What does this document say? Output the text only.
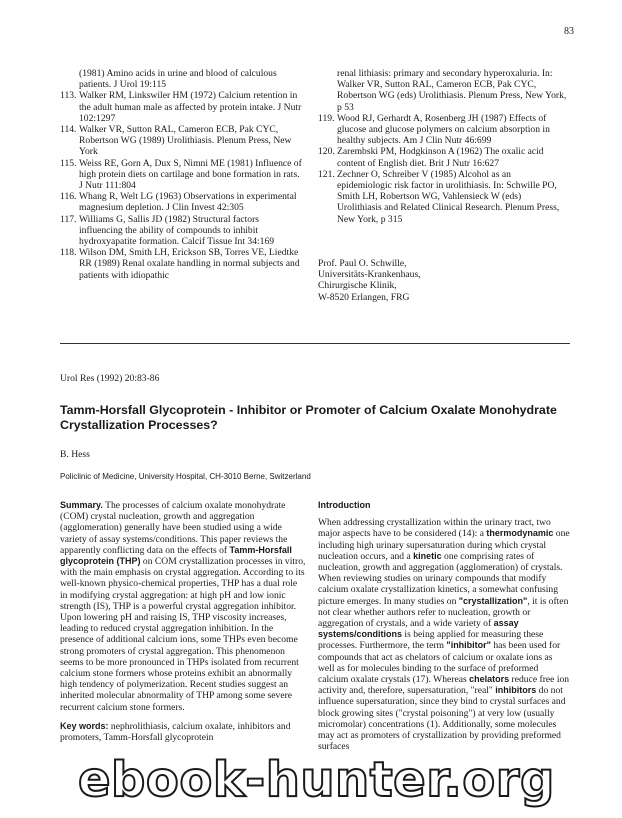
83

(1981) Amino acids in urine and blood of calculous patients. J Urol 19:115

113. Walker RM, Linkswiler HM (1972) Calcium retention in the adult human male as affected by protein intake. J Nutr 102:1297

114. Walker VR, Sutton RAL, Cameron ECB, Pak CYC, Robertson WG (1989) Urolithiasis. Plenum Press, New York

115. Weiss RE, Gorn A, Dux S, Nimni ME (1981) Influence of high protein diets on cartilage and bone formation in rats. J Nutr 111:804

116. Whang R, Welt LG (1963) Observations in experimental magnesium depletion. J Clin Invest 42:305

117. Williams G, Sallis JD (1982) Structural factors influencing the ability of compounds to inhibit hydroxyapatite formation. Calcif Tissue Int 34:169

118. Wilson DM, Smith LH, Erickson SB, Torres VE, Liedtke RR (1989) Renal oxalate handling in normal subjects and patients with idiopathic

renal lithiasis: primary and secondary hyperoxaluria. In: Walker VR, Sutton RAL, Cameron ECB, Pak CYC, Robertson WG (eds) Urolithiasis. Plenum Press, New York, p 53

119. Wood RJ, Gerhardt A, Rosenberg JH (1987) Effects of glucose and glucose polymers on calcium absorption in healthy subjects. Am J Clin Nutr 46:699

120. Zarembski PM, Hodgkinson A (1962) The oxalic acid content of English diet. Brit J Nutr 16:627

121. Zechner O, Schreiber V (1985) Alcohol as an epidemiologic risk factor in urolithiasis. In: Schwille PO, Smith LH, Robertson WG, Vahlensieck W (eds) Urolithiasis and Related Clinical Research. Plenum Press, New York, p 315

Prof. Paul O. Schwille,
Universitäts-Krankenhaus,
Chirurgische Klinik,
W-8520 Erlangen, FRG
Urol Res (1992) 20:83-86
Tamm-Horsfall Glycoprotein - Inhibitor or Promoter of Calcium Oxalate Monohydrate Crystallization Processes?
B. Hess
Policlinic of Medicine, University Hospital, CH-3010 Berne, Switzerland
Summary. The processes of calcium oxalate monohydrate (COM) crystal nucleation, growth and aggregation (agglomeration) generally have been studied using a wide variety of assay systems/conditions. This paper reviews the apparently conflicting data on the effects of Tamm-Horsfall glycoprotein (THP) on COM crystallization processes in vitro, with the main emphasis on crystal aggregation. According to its well-known physico-chemical properties, THP has a dual role in modifying crystal aggregation: at high pH and low ionic strength (IS), THP is a powerful crystal aggregation inhibitor. Upon lowering pH and raising IS, THP viscosity increases, leading to reduced crystal aggregation inhibition. In the presence of additional calcium ions, some THPs even become strong promoters of crystal aggregation. This phenomenon seems to be more pronounced in THPs isolated from recurrent calcium stone formers whose proteins exhibit an abnormally high tendency of polymerization. Recent studies suggest an inherited molecular abnormality of THP among some severe recurrent calcium stone formers.
Key words: nephrolithiasis, calcium oxalate, inhibitors and promoters, Tamm-Horsfall glycoprotein
Introduction

When addressing crystallization within the urinary tract, two major aspects have to be considered (14): a thermodynamic one including high urinary supersaturation during which crystal nucleation occurs, and a kinetic one comprising rates of nucleation, growth and aggregation (agglomeration) of crystals. When reviewing studies on urinary compounds that modify calcium oxalate crystallization kinetics, a somewhat confusing picture emerges. In many studies on "crystallization", it is often not clear whether authors refer to nucleation, growth or aggregation of crystals, and a wide variety of assay systems/conditions is being applied for measuring these processes. Furthermore, the term "inhibitor" has been used for compounds that act as chelators of calcium or oxalate ions as well as for molecules binding to the surface of preformed calcium oxalate crystals (17). Whereas chelators reduce free ion activity and, therefore, supersaturation, "real" inhibitors do not influence supersaturation, since they bind to crystal surfaces and block growing sites ("crystal poisoning") at very low (usually micromolar) concentrations (1). Additionally, some molecules may act as promoters of crystallization by providing preformed surfaces

ebook-hunter.org
